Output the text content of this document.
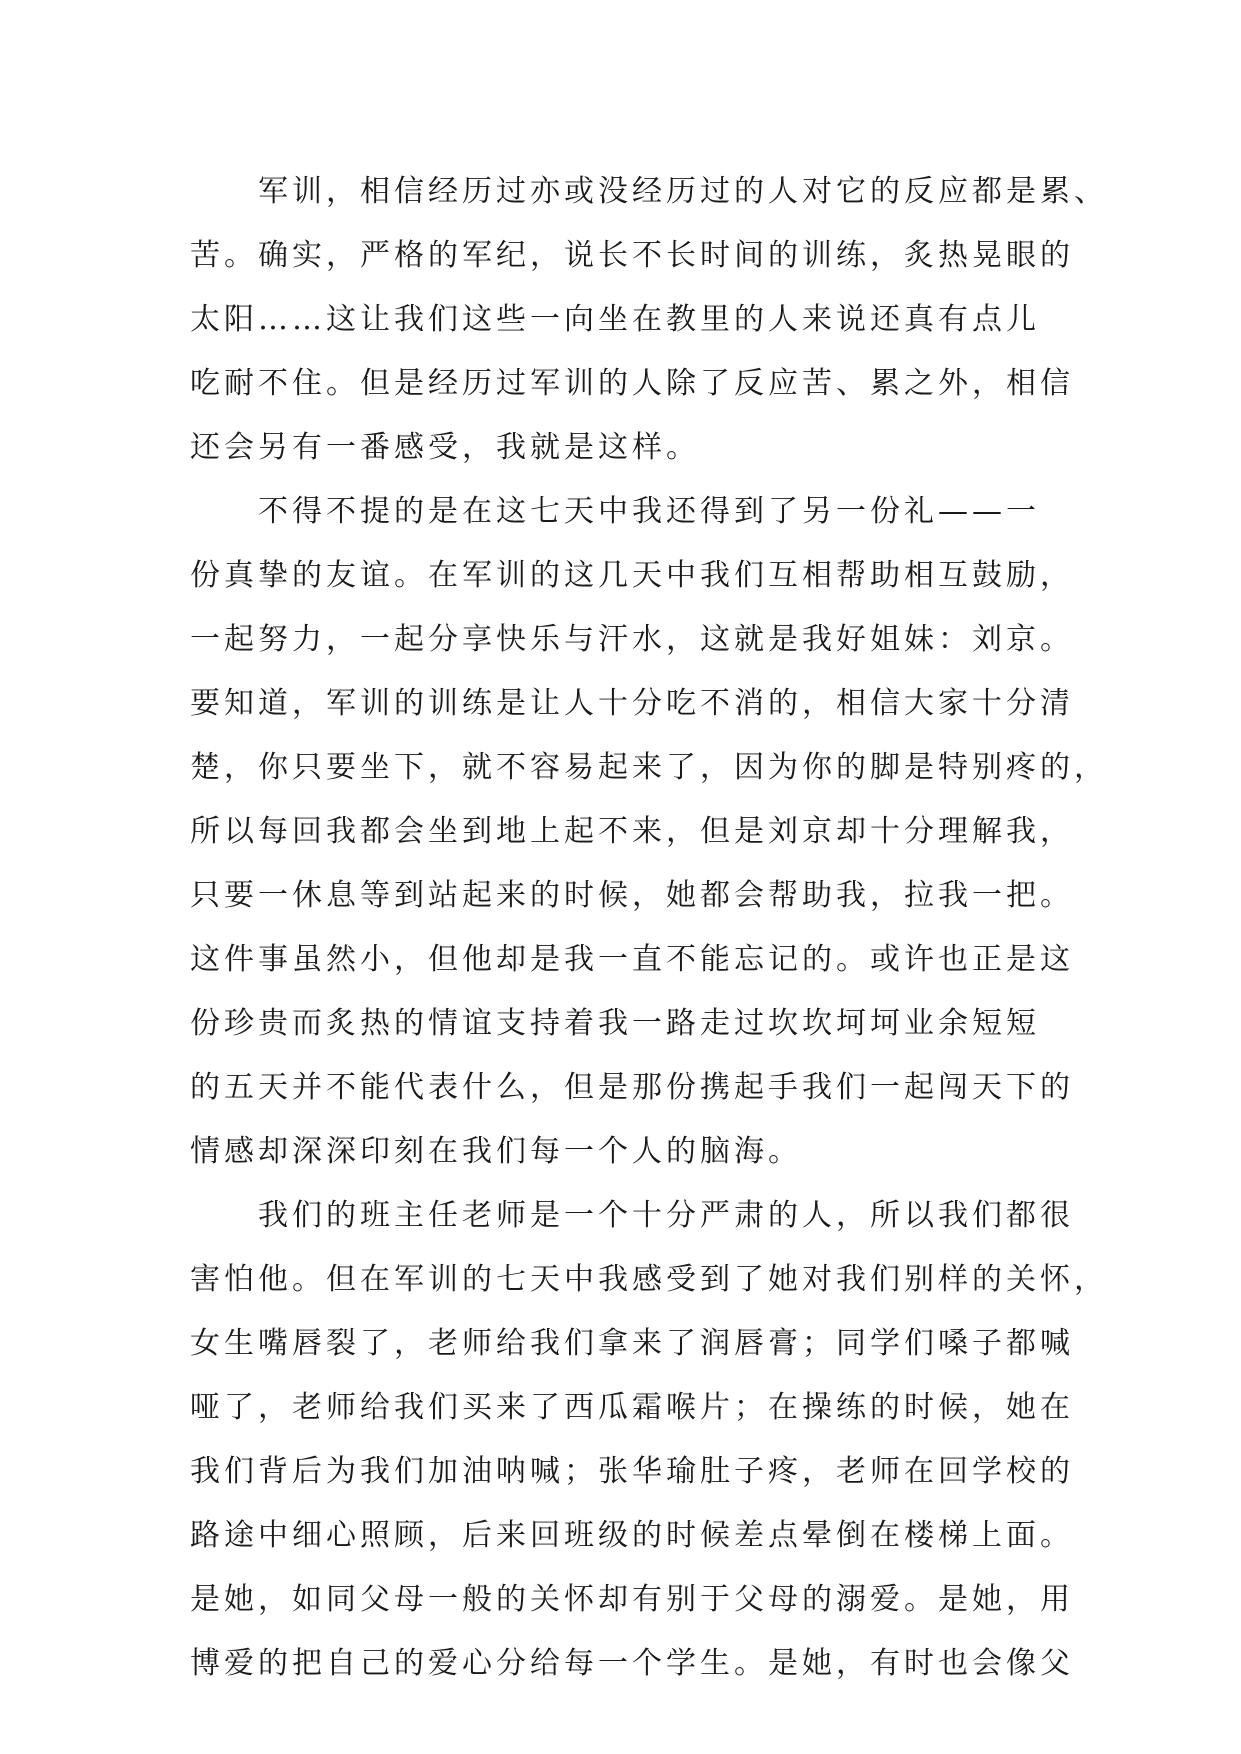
军训，相信经历过亦或没经历过的人对它的反应都是累、
苦。确实，严格的军纪，说长不长时间的训练，炙热晃眼的
太阳……这让我们这些一向坐在教里的人来说还真有点儿
吃耐不住。但是经历过军训的人除了反应苦、累之外，相信
还会另有一番感受，我就是这样。
不得不提的是在这七天中我还得到了另一份礼——一
份真挚的友谊。在军训的这几天中我们互相帮助相互鼓励，
一起努力，一起分享快乐与汗水，这就是我好姐妹：刘京。
要知道，军训的训练是让人十分吃不消的，相信大家十分清
楚，你只要坐下，就不容易起来了，因为你的脚是特别疼的，
所以每回我都会坐到地上起不来，但是刘京却十分理解我，
只要一休息等到站起来的时候，她都会帮助我，拉我一把。
这件事虽然小，但他却是我一直不能忘记的。或许也正是这
份珍贵而炙热的情谊支持着我一路走过坎坎坷坷业余短短
的五天并不能代表什么，但是那份携起手我们一起闯天下的
情感却深深印刻在我们每一个人的脑海。
我们的班主任老师是一个十分严肃的人，所以我们都很
害怕他。但在军训的七天中我感受到了她对我们别样的关怀，
女生嘴唇裂了，老师给我们拿来了润唇膏；同学们嗓子都喊
哑了，老师给我们买来了西瓜霜喉片；在操练的时候，她在
我们背后为我们加油呐喊；张华瑜肚子疼，老师在回学校的
路途中细心照顾，后来回班级的时候差点晕倒在楼梯上面。
是她，如同父母一般的关怀却有别于父母的溺爱。是她，用
博爱的把自己的爱心分给每一个学生。是她，有时也会像父
